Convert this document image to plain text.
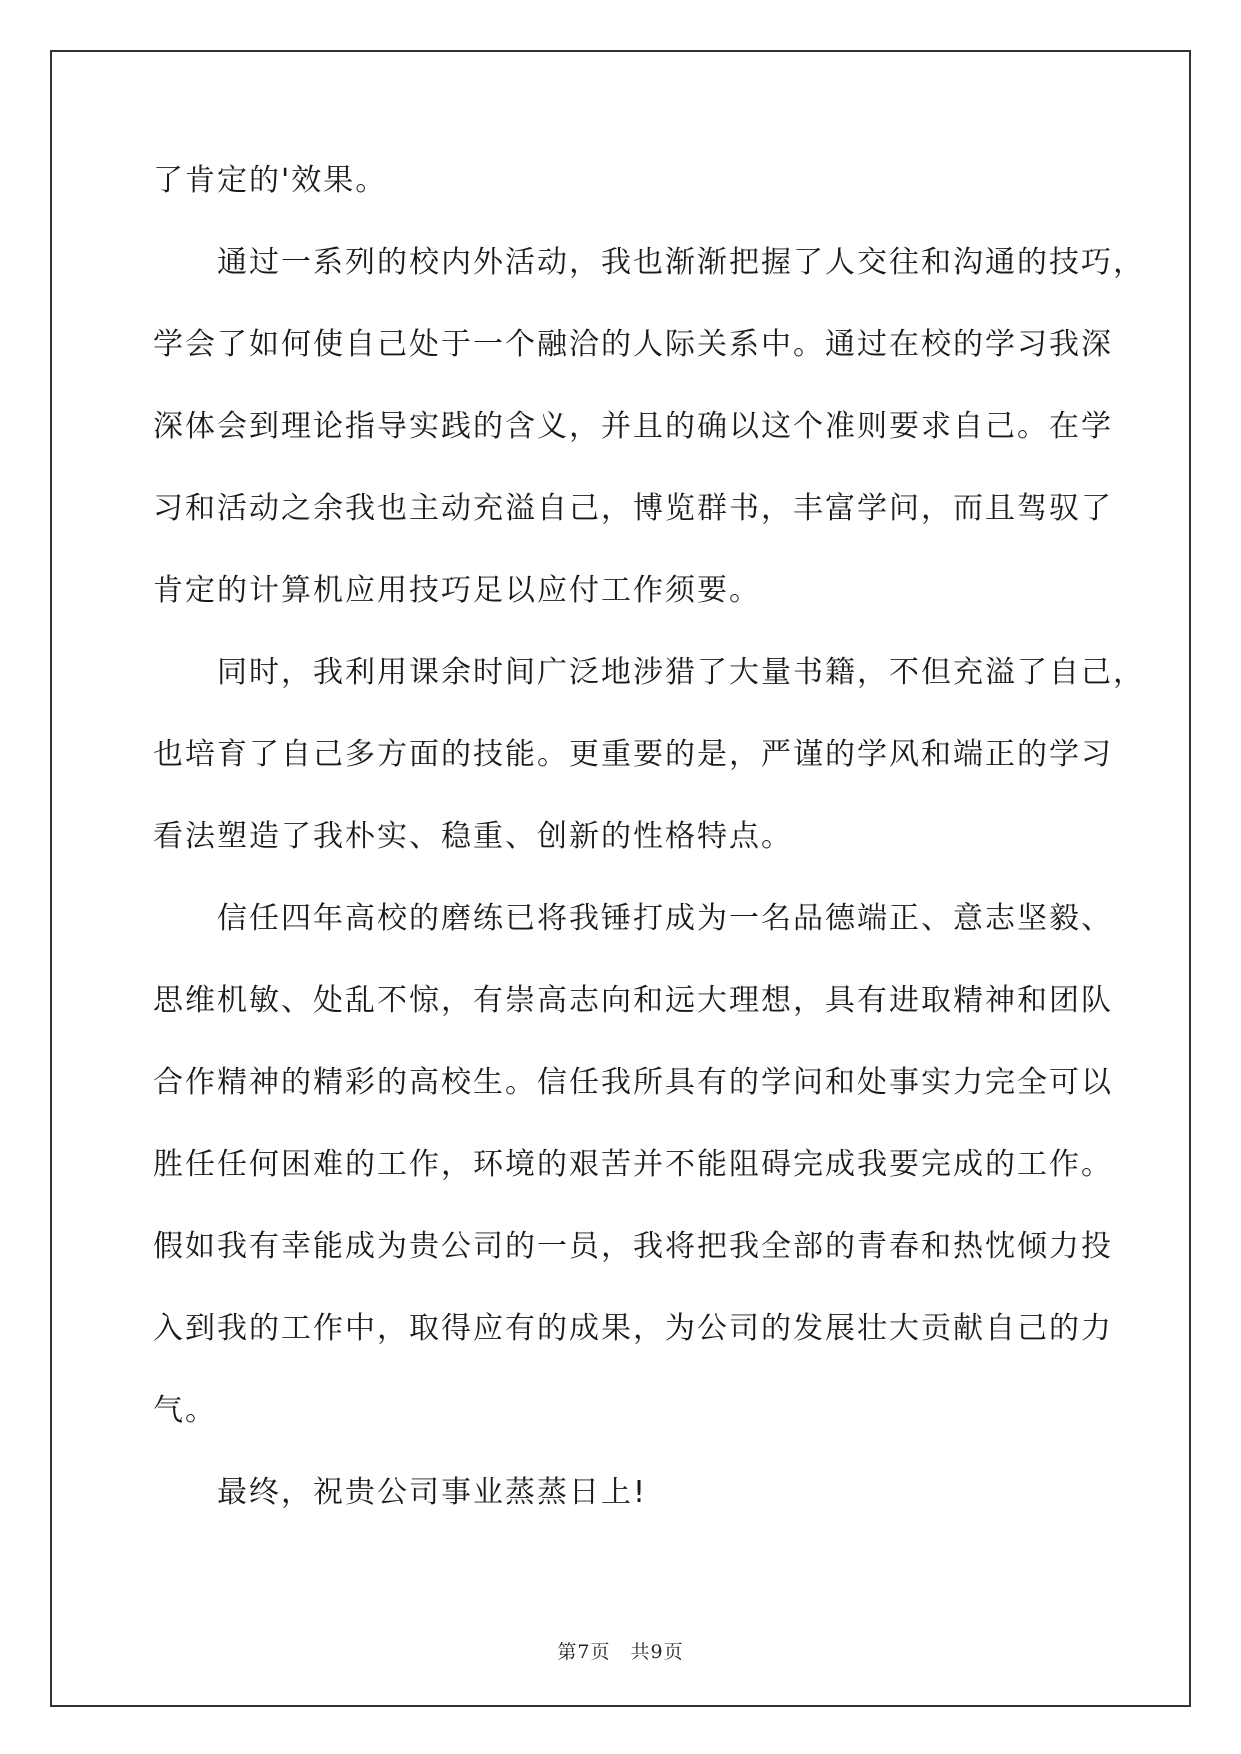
了肯定的'效果。

通过一系列的校内外活动，我也渐渐把握了人交往和沟通的技巧，

学会了如何使自己处于一个融洽的人际关系中。通过在校的学习我深

深体会到理论指导实践的含义，并且的确以这个准则要求自己。在学

习和活动之余我也主动充溢自己，博览群书，丰富学问，而且驾驭了

肯定的计算机应用技巧足以应付工作须要。

同时，我利用课余时间广泛地涉猎了大量书籍，不但充溢了自己，

也培育了自己多方面的技能。更重要的是，严谨的学风和端正的学习

看法塑造了我朴实、稳重、创新的性格特点。

信任四年高校的磨练已将我锤打成为一名品德端正、意志坚毅、

思维机敏、处乱不惊，有崇高志向和远大理想，具有进取精神和团队

合作精神的精彩的高校生。信任我所具有的学问和处事实力完全可以

胜任任何困难的工作，环境的艰苦并不能阻碍完成我要完成的工作。

假如我有幸能成为贵公司的一员，我将把我全部的青春和热忱倾力投

入到我的工作中，取得应有的成果，为公司的发展壮大贡献自己的力

气。

最终，祝贵公司事业蒸蒸日上!

第7页 共9页
